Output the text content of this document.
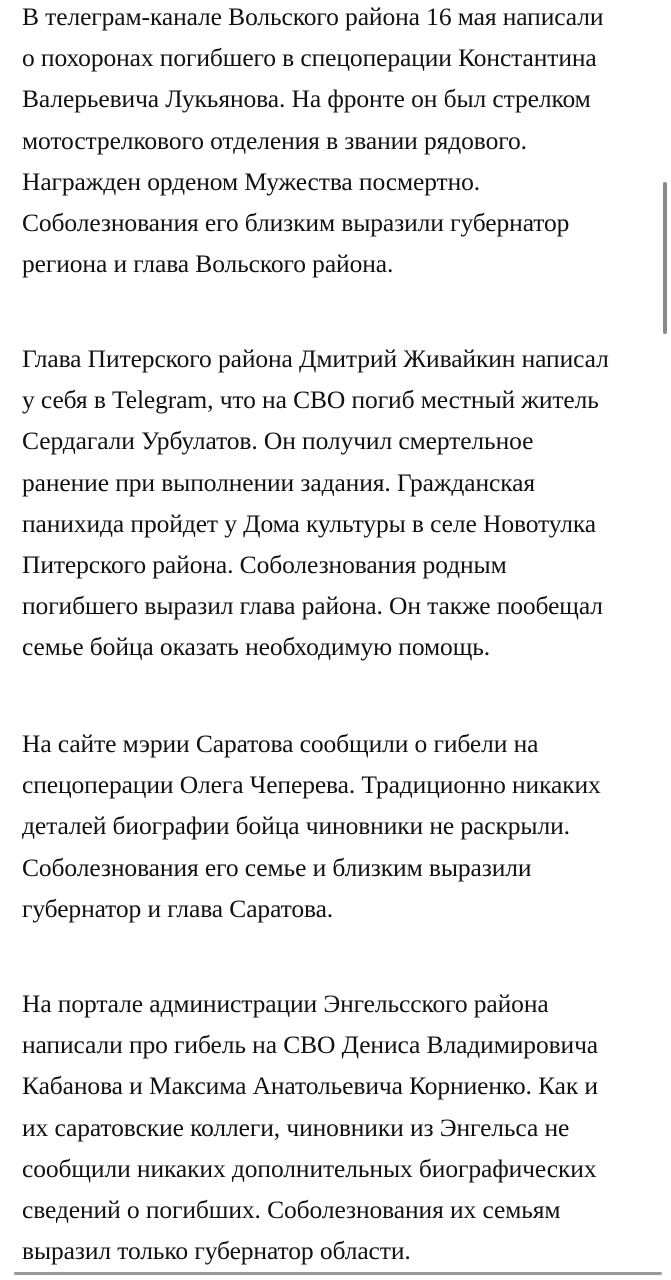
В телеграм-канале Вольского района 16 мая написали
о похоронах погибшего в спецоперации Константина
Валерьевича Лукьянова. На фронте он был стрелком
мотострелкового отделения в звании рядового.
Награжден орденом Мужества посмертно.
Соболезнования его близким выразили губернатор
региона и глава Вольского района.

Глава Питерского района Дмитрий Живайкин написал
у себя в Telegram, что на СВО погиб местный житель
Сердагали Урбулатов. Он получил смертельное
ранение при выполнении задания. Гражданская
панихида пройдет у Дома культуры в селе Новотулка
Питерского района. Соболезнования родным
погибшего выразил глава района. Он также пообещал
семье бойца оказать необходимую помощь.

На сайте мэрии Саратова сообщили о гибели на
спецоперации Олега Чеперева. Традиционно никаких
деталей биографии бойца чиновники не раскрыли.
Соболезнования его семье и близким выразили
губернатор и глава Саратова.

На портале администрации Энгельсского района
написали про гибель на СВО Дениса Владимировича
Кабанова и Максима Анатольевича Корниенко. Как и
их саратовские коллеги, чиновники из Энгельса не
сообщили никаких дополнительных биографических
сведений о погибших. Соболезнования их семьям
выразил только губернатор области.
